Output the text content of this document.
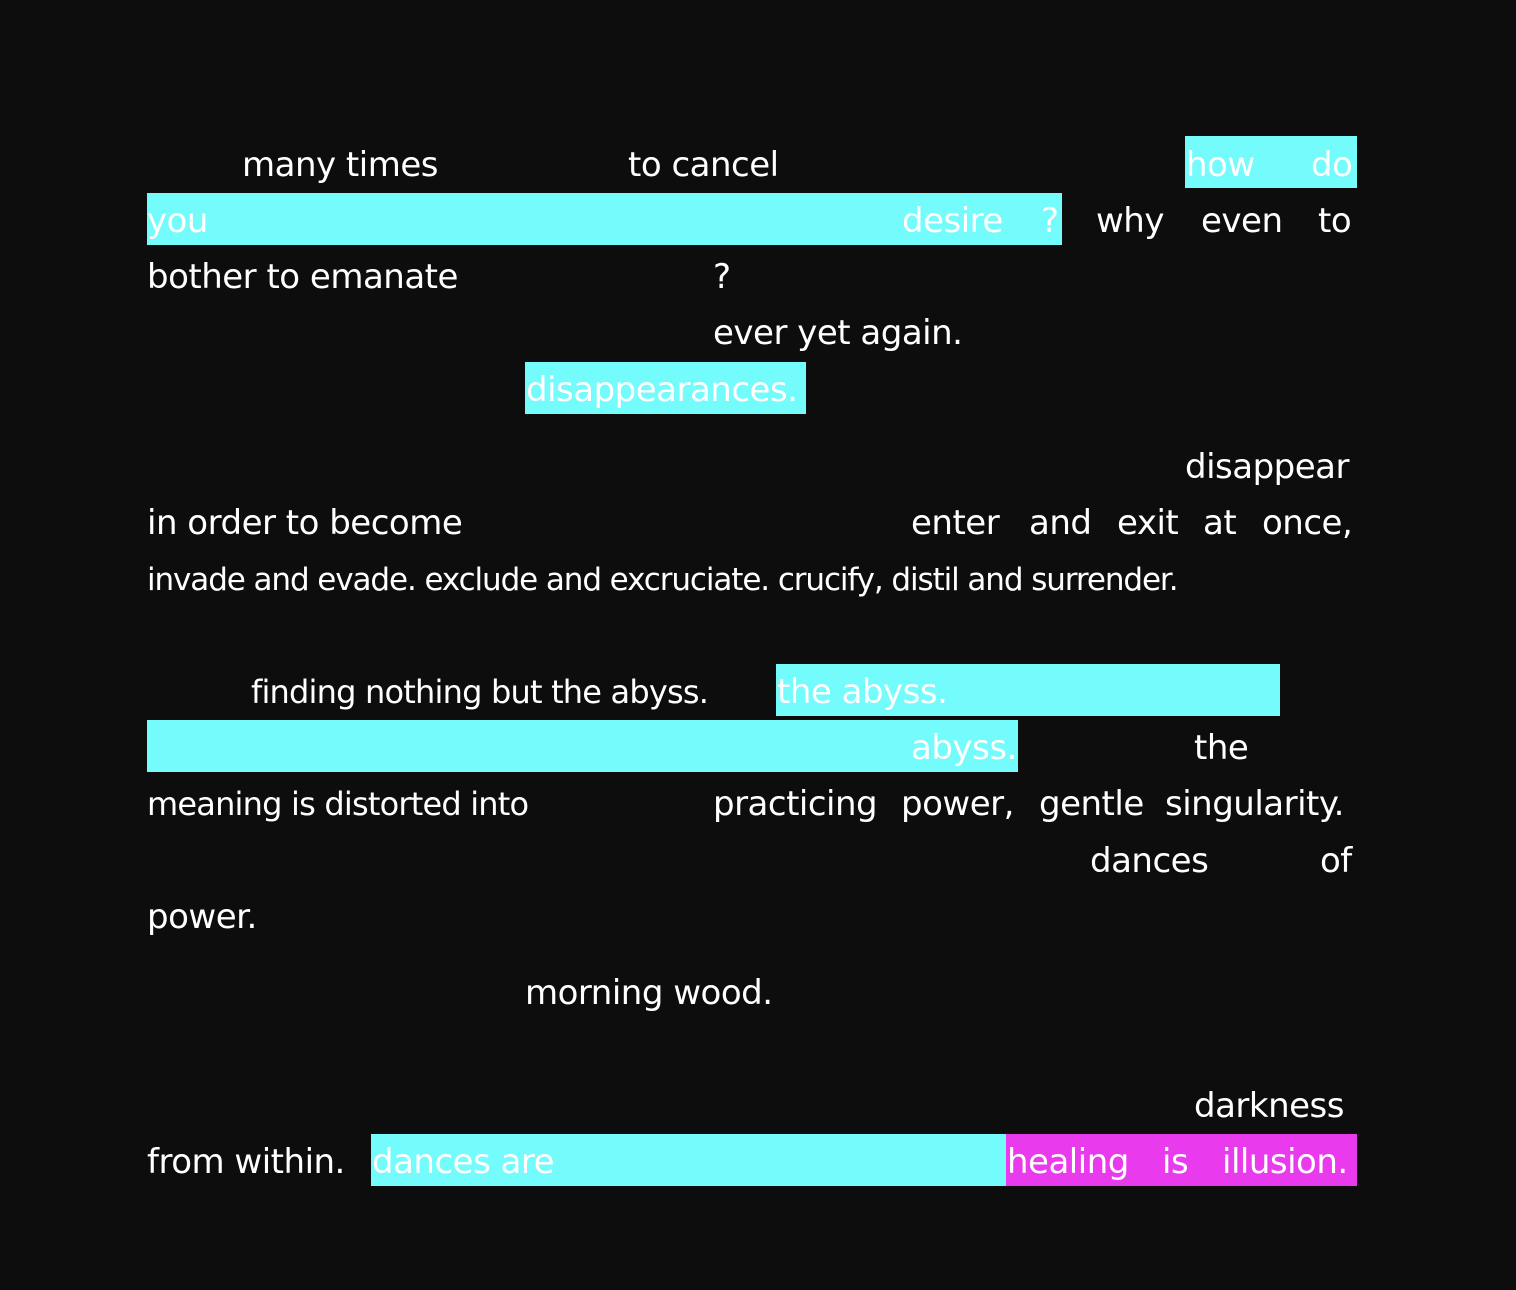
many times	to cancel	how do
you	desire ? why even to
bother to emanate	?
ever yet again.
disappearances.
disappear
in order to become	enter and exit at once,
invade and evade. exclude and excruciate. crucify, distil and surrender.
finding nothing but the abyss. the abyss.
abyss.	the
meaning is distorted into	practicing power, gentle singularity.
dances	of
power.
morning wood.
darkness
from within. dances are	healing is illusion.
